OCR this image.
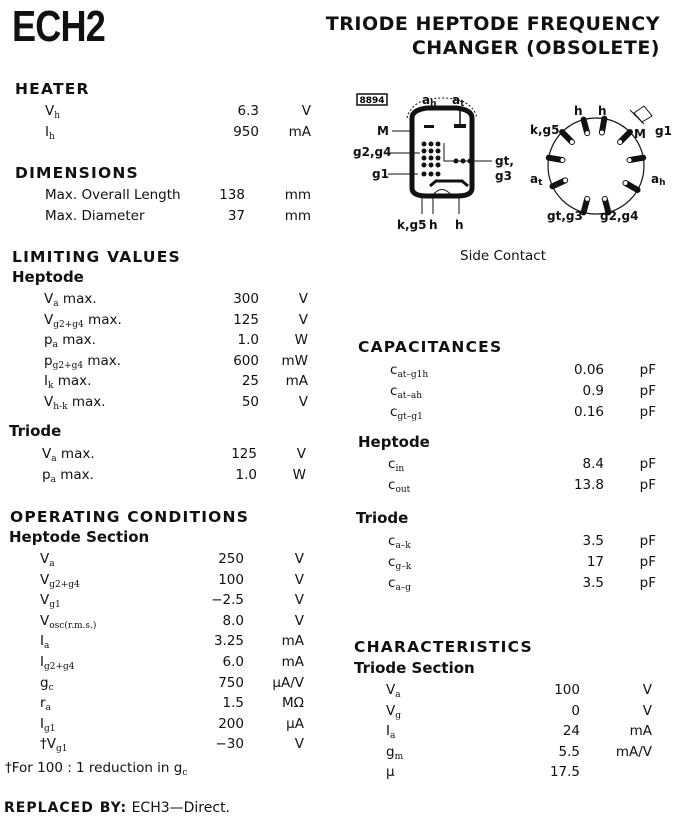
ECH2	TRIODE HEPTODE FREQUENCY
CHANGER (OBSOLETE)
HEATER
$V_h$	6.3	V
$I_h$	950 mA
DIMENSIONS
Max. Overall Length	138	mm
Max. Diameter	37	mm
LIMITING VALUES
Heptode
$V_a$ max.	300	V
$V_{g2+g4}$ max.	125	V
$p_a$ max.	1.0	W
$p_{g2+g4}$ max.	600 mW
$I_k$ max.	25 mA
$V_{h-k}$ max.	50	V
Triode
$V_a$ max.	125	V
$p_a$ max.	1.0	W
OPERATING CONDITIONS
Heptode Section
$V_a$	250	V
$V_{g2+g4}$	100	V
$V_{g1}$	−2.5	V
$V_{osc(r.m.s.)}$	8.0	V
$I_a$	3.25	mA
$I_{g2+g4}$	6.0	mA
$g_c$	750 µA/V
$r_a$	1.5	MΩ
$I_{g1}$	200	µA
$\dagger V_{g1}$	−30	V
†For 100 : 1 reduction in $g_c$
REPLACED BY: ECH3—Direct.
8894	ah at
M
g2,g4
g1
gt,
g3
k,g5 h h
h h
k,g5	M g1
at	ah
gt,g3 g2,g4
Side Contact
CAPACITANCES
$c_{at-g1h}$	0.06	pF
$c_{at-ah}$	0.9	pF
$c_{gt-g1}$	0.16	pF
Heptode
$c_{in}$	8.4	pF
$c_{out}$	13.8	pF
Triode
$c_{a-k}$	3.5	pF
$c_{g-k}$	17	pF
$c_{a-g}$	3.5	pF
CHARACTERISTICS
Triode Section
$V_a$	100	V
$V_g$	0	V
$I_a$	24	mA
$g_m$	5.5	mA/V
µ	17.5
